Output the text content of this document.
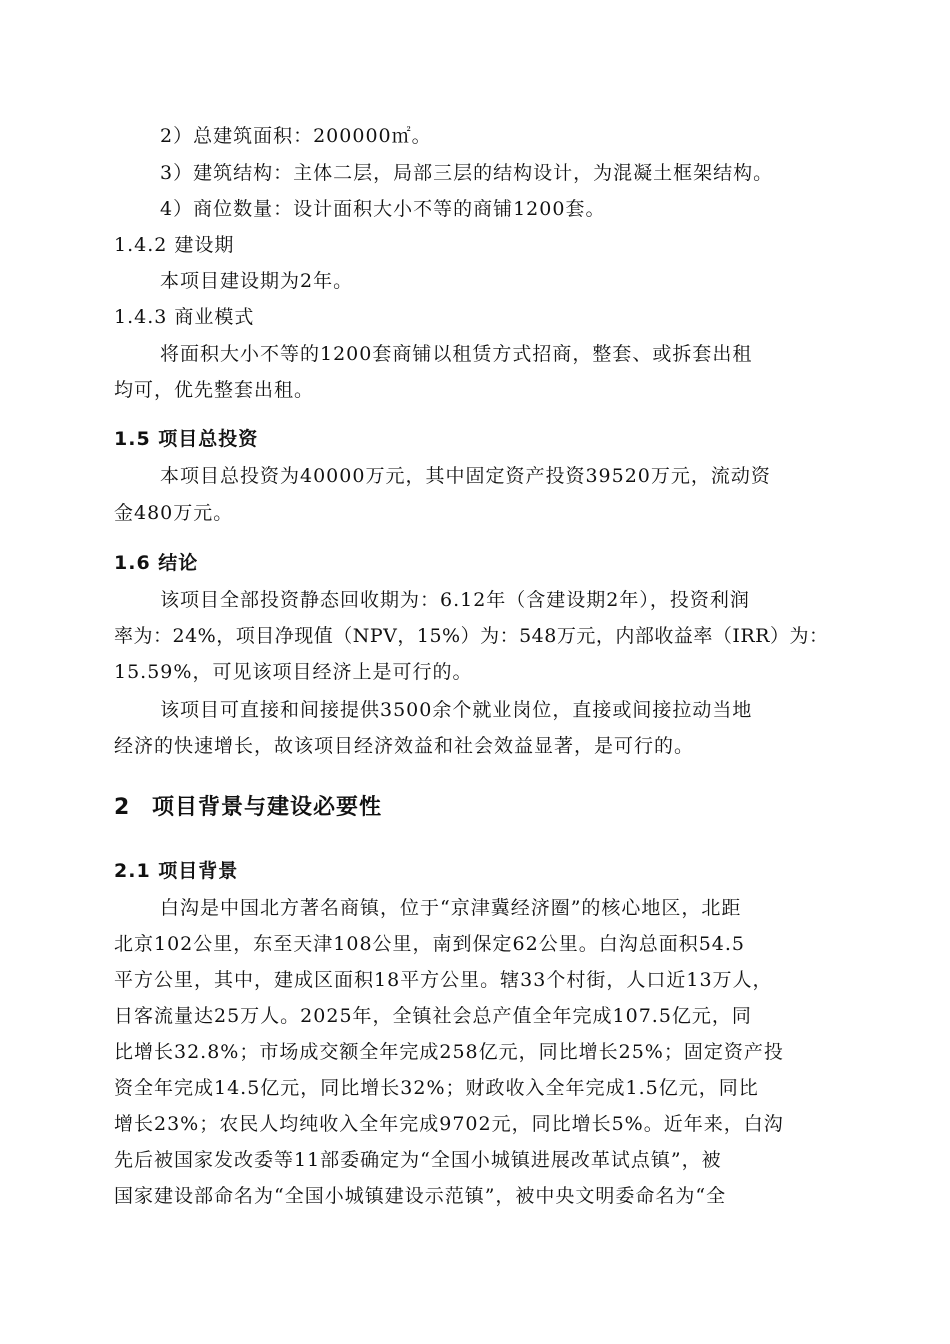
2）总建筑面积：200000㎡。
3）建筑结构：主体二层，局部三层的结构设计，为混凝土框架结构。
4）商位数量：设计面积大小不等的商铺1200套。
1.4.2 建设期
本项目建设期为2年。
1.4.3 商业模式
将面积大小不等的1200套商铺以租赁方式招商，整套、或拆套出租
均可，优先整套出租。
1.5 项目总投资
本项目总投资为40000万元，其中固定资产投资39520万元，流动资
金480万元。
1.6 结论
该项目全部投资静态回收期为：6.12年（含建设期2年），投资利润
率为：24%，项目净现值（NPV，15%）为：548万元，内部收益率（IRR）为：
15.59%，可见该项目经济上是可行的。
该项目可直接和间接提供3500余个就业岗位，直接或间接拉动当地
经济的快速增长，故该项目经济效益和社会效益显著，是可行的。
2 项目背景与建设必要性
2.1 项目背景
白沟是中国北方著名商镇，位于“京津冀经济圈”的核心地区，北距
北京102公里，东至天津108公里，南到保定62公里。白沟总面积54.5
平方公里，其中，建成区面积18平方公里。辖33个村街，人口近13万人，
日客流量达25万人。2025年，全镇社会总产值全年完成107.5亿元，同
比增长32.8%；市场成交额全年完成258亿元，同比增长25%；固定资产投
资全年完成14.5亿元，同比增长32%；财政收入全年完成1.5亿元，同比
增长23%；农民人均纯收入全年完成9702元，同比增长5%。近年来，白沟
先后被国家发改委等11部委确定为“全国小城镇进展改革试点镇”，被
国家建设部命名为“全国小城镇建设示范镇”，被中央文明委命名为“全
